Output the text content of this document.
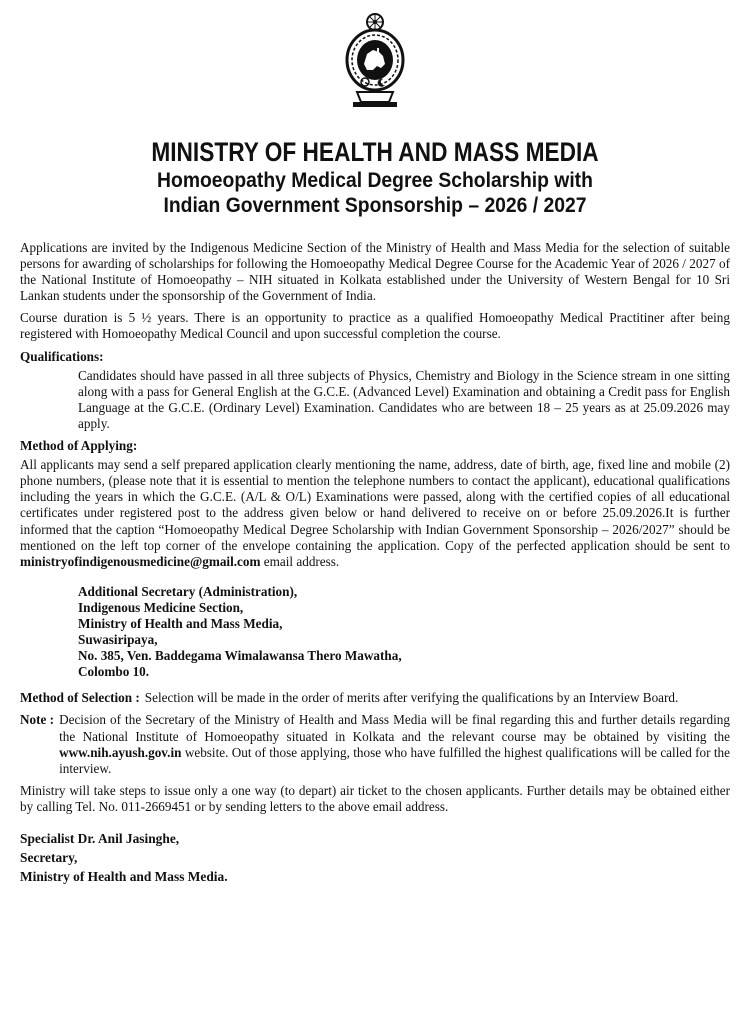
MINISTRY OF HEALTH AND MASS MEDIA
Homoeopathy Medical Degree Scholarship with
Indian Government Sponsorship – 2026 / 2027

Applications are invited by the Indigenous Medicine Section of the Ministry of Health and Mass Media for the selection of suitable persons for awarding of scholarships for following the Homoeopathy Medical Degree Course for the Academic Year of 2026 / 2027 of the National Institute of Homoeopathy – NIH situated in Kolkata established under the University of Western Bengal for 10 Sri Lankan students under the sponsorship of the Government of India.

Course duration is 5 ½ years. There is an opportunity to practice as a qualified Homoeopathy Medical Practitiner after being registered with Homoeopathy Medical Council and upon successful completion the course.

Qualifications:

Candidates should have passed in all three subjects of Physics, Chemistry and Biology in the Science stream in one sitting along with a pass for General English at the G.C.E. (Advanced Level) Examination and obtaining a Credit pass for English Language at the G.C.E. (Ordinary Level) Examination. Candidates who are between 18 – 25 years as at 25.09.2026 may apply.

Method of Applying:

All applicants may send a self prepared application clearly mentioning the name, address, date of birth, age, fixed line and mobile (2) phone numbers, (please note that it is essential to mention the telephone numbers to contact the applicant), educational qualifications including the years in which the G.C.E. (A/L & O/L) Examinations were passed, along with the certified copies of all educational certificates under registered post to the address given below or hand delivered to receive on or before 25.09.2026.It is further informed that the caption “Homoeopathy Medical Degree Scholarship with Indian Government Sponsorship – 2026/2027” should be mentioned on the left top corner of the envelope containing the application. Copy of the perfected application should be sent to ministryofindigenousmedicine@gmail.com email address.

Additional Secretary (Administration),
Indigenous Medicine Section,
Ministry of Health and Mass Media,
Suwasiripaya,
No. 385, Ven. Baddegama Wimalawansa Thero Mawatha,
Colombo 10.
Method of Selection : Selection will be made in the order of merits after verifying the qualifications by an Interview Board.
Note : Decision of the Secretary of the Ministry of Health and Mass Media will be final regarding this and further details regarding the National Institute of Homoeopathy situated in Kolkata and the relevant course may be obtained by visiting the www.nih.ayush.gov.in website. Out of those applying, those who have fulfilled the highest qualifications will be called for the interview.

Ministry will take steps to issue only a one way (to depart) air ticket to the chosen applicants. Further details may be obtained either by calling Tel. No. 011-2669451 or by sending letters to the above email address.

Specialist Dr. Anil Jasinghe,
Secretary,
Ministry of Health and Mass Media.
